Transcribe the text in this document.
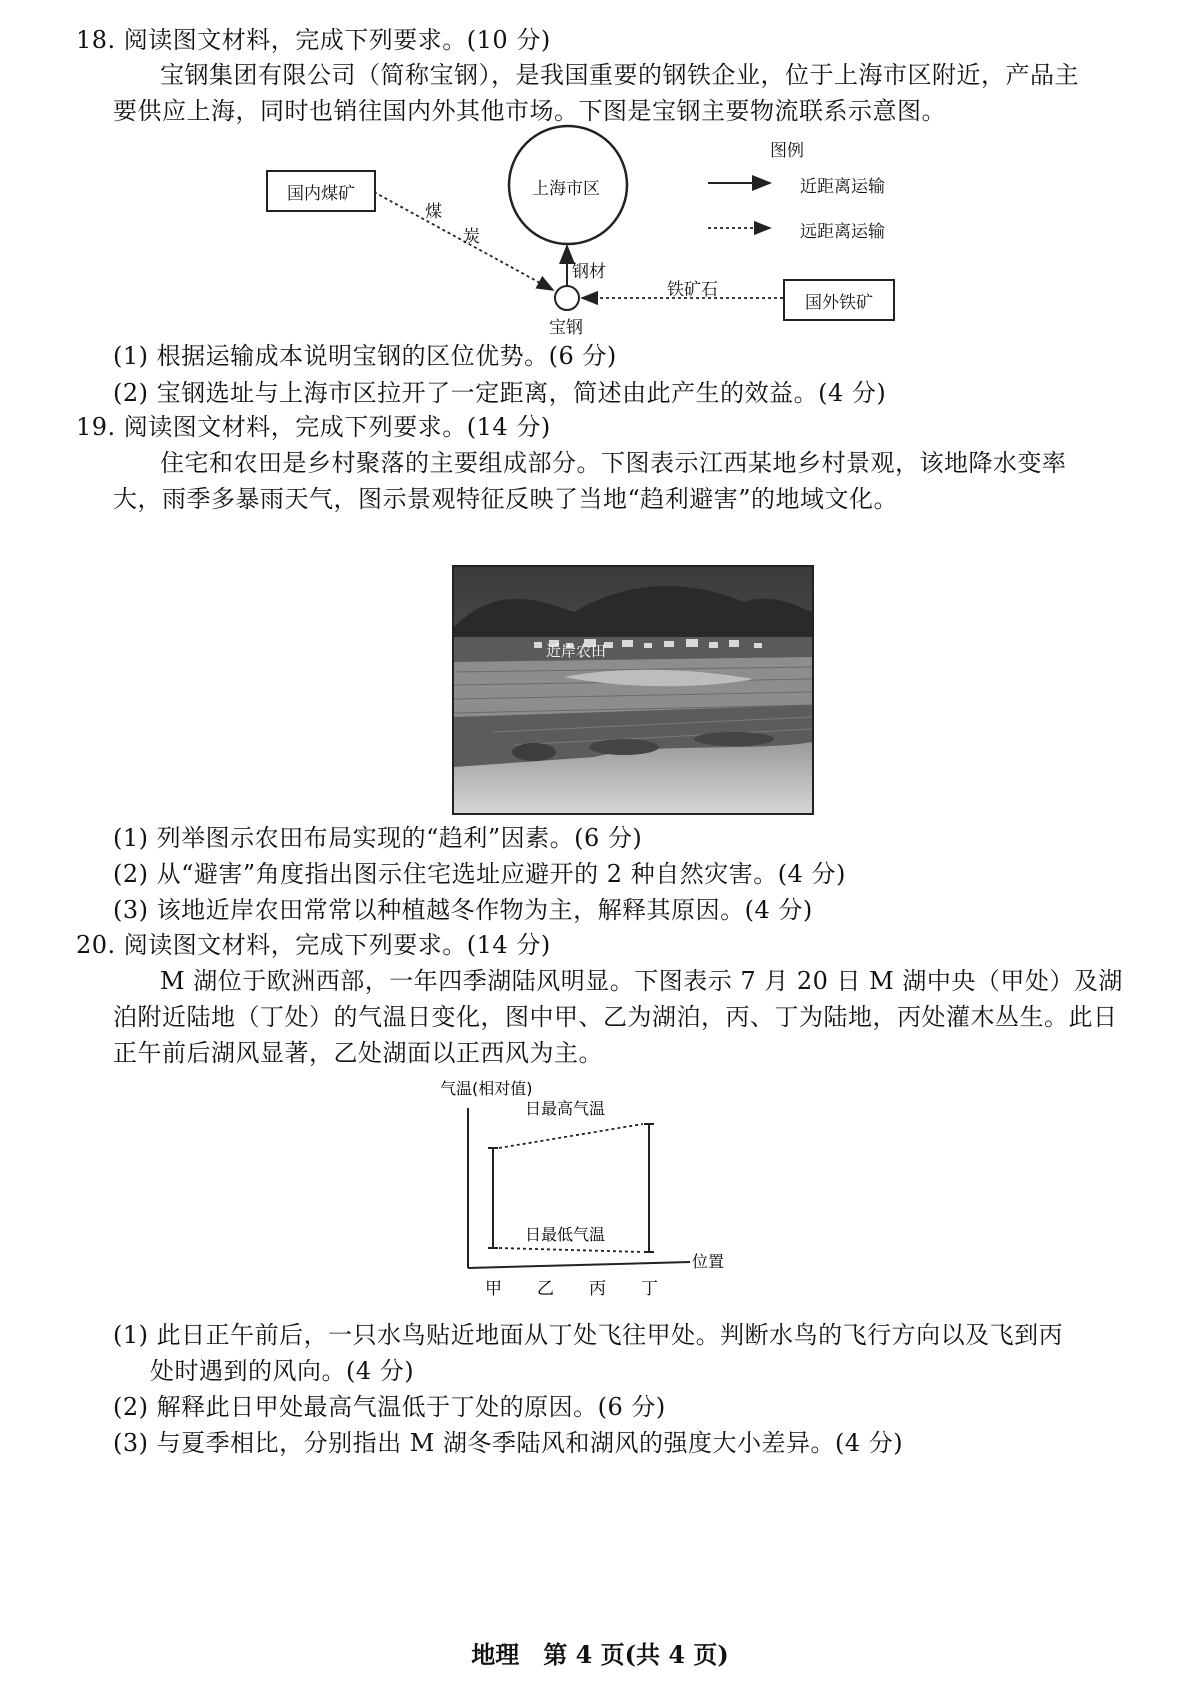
18. 阅读图文材料，完成下列要求。(10 分)
宝钢集团有限公司（简称宝钢），是我国重要的钢铁企业，位于上海市区附近，产品主
要供应上海，同时也销往国内外其他市场。下图是宝钢主要物流联系示意图。
国内煤矿
煤
炭
上海市区
钢材
宝钢
铁矿石
国外铁矿
图例
近距离运输
远距离运输
(1) 根据运输成本说明宝钢的区位优势。(6 分)
(2) 宝钢选址与上海市区拉开了一定距离，简述由此产生的效益。(4 分)
19. 阅读图文材料，完成下列要求。(14 分)
住宅和农田是乡村聚落的主要组成部分。下图表示江西某地乡村景观，该地降水变率
大，雨季多暴雨天气，图示景观特征反映了当地“趋利避害”的地域文化。
近岸农田
(1) 列举图示农田布局实现的“趋利”因素。(6 分)
(2) 从“避害”角度指出图示住宅选址应避开的 2 种自然灾害。(4 分)
(3) 该地近岸农田常常以种植越冬作物为主，解释其原因。(4 分)
20. 阅读图文材料，完成下列要求。(14 分)
M 湖位于欧洲西部，一年四季湖陆风明显。下图表示 7 月 20 日 M 湖中央（甲处）及湖
泊附近陆地（丁处）的气温日变化，图中甲、乙为湖泊，丙、丁为陆地，丙处灌木丛生。此日
正午前后湖风显著，乙处湖面以正西风为主。
气温(相对值)
位置
甲 乙 丙 丁
日最高气温
日最低气温
(1) 此日正午前后，一只水鸟贴近地面从丁处飞往甲处。判断水鸟的飞行方向以及飞到丙
处时遇到的风向。(4 分)
(2) 解释此日甲处最高气温低于丁处的原因。(6 分)
(3) 与夏季相比，分别指出 M 湖冬季陆风和湖风的强度大小差异。(4 分)
地理　第 4 页(共 4 页)
